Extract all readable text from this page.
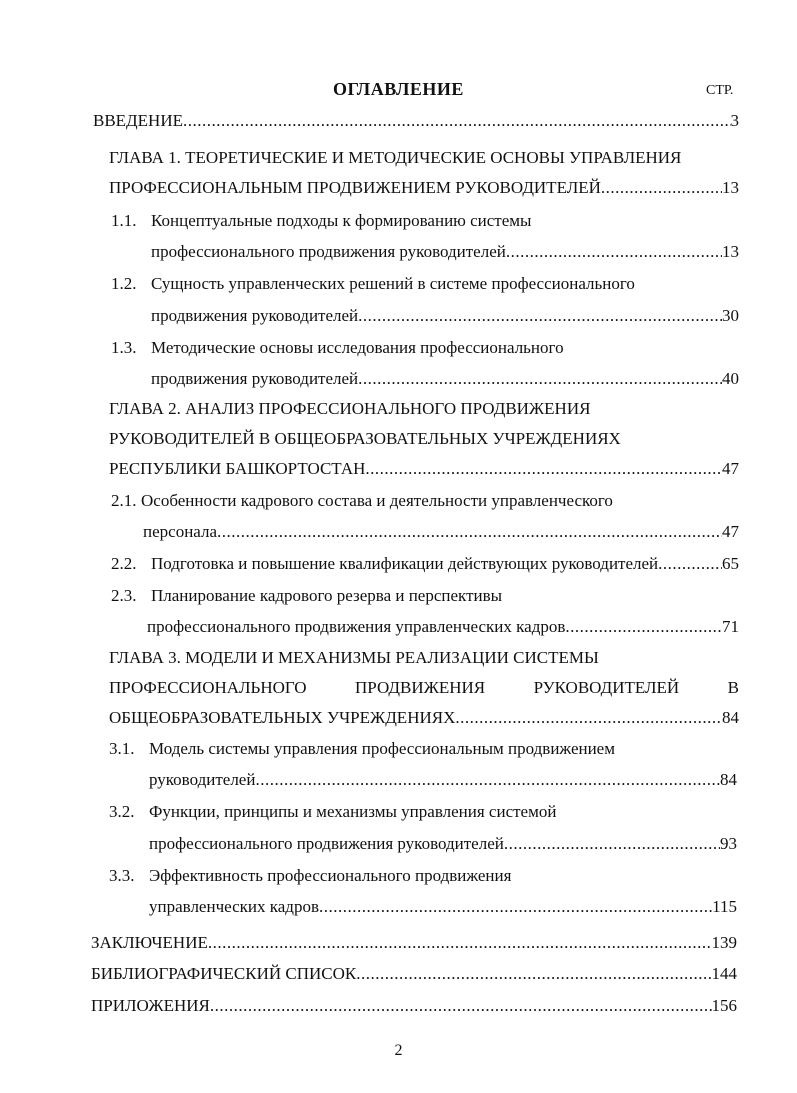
ОГЛАВЛЕНИЕ	СТР.
ВВЕДЕНИЕ .....	3
ГЛАВА 1. ТЕОРЕТИЧЕСКИЕ И МЕТОДИЧЕСКИЕ ОСНОВЫ УПРАВЛЕНИЯ
ПРОФЕССИОНАЛЬНЫМ ПРОДВИЖЕНИЕМ РУКОВОДИТЕЛЕЙ .....	13
1.1. Концептуальные подходы к формированию системы
профессионального продвижения руководителей .....	13
1.2. Сущность управленческих решений в системе профессионального
продвижения руководителей .....	30
1.3. Методические основы исследования профессионального
продвижения руководителей .....	40
ГЛАВА 2. АНАЛИЗ ПРОФЕССИОНАЛЬНОГО ПРОДВИЖЕНИЯ
РУКОВОДИТЕЛЕЙ В ОБЩЕОБРАЗОВАТЕЛЬНЫХ УЧРЕЖДЕНИЯХ
РЕСПУБЛИКИ БАШКОРТОСТАН .....	47
2.1. Особенности кадрового состава и деятельности управленческого
персонала .....	47
2.2. Подготовка и повышение квалификации действующих руководителей .....	65
2.3. Планирование кадрового резерва и перспективы
профессионального продвижения управленческих кадров .....	71
ГЛАВА 3. МОДЕЛИ И МЕХАНИЗМЫ РЕАЛИЗАЦИИ СИСТЕМЫ
ПРОФЕССИОНАЛЬНОГО	ПРОДВИЖЕНИЯ	РУКОВОДИТЕЛЕЙ	В
ОБЩЕОБРАЗОВАТЕЛЬНЫХ УЧРЕЖДЕНИЯХ .....	84
3.1. Модель системы управления профессиональным продвижением
руководителей .....	84
3.2. Функции, принципы и механизмы управления системой
профессионального продвижения руководителей .....	93
3.3. Эффективность профессионального продвижения
управленческих кадров .....	115
ЗАКЛЮЧЕНИЕ .....	139
БИБЛИОГРАФИЧЕСКИЙ СПИСОК .....	144
ПРИЛОЖЕНИЯ .....	156
2
